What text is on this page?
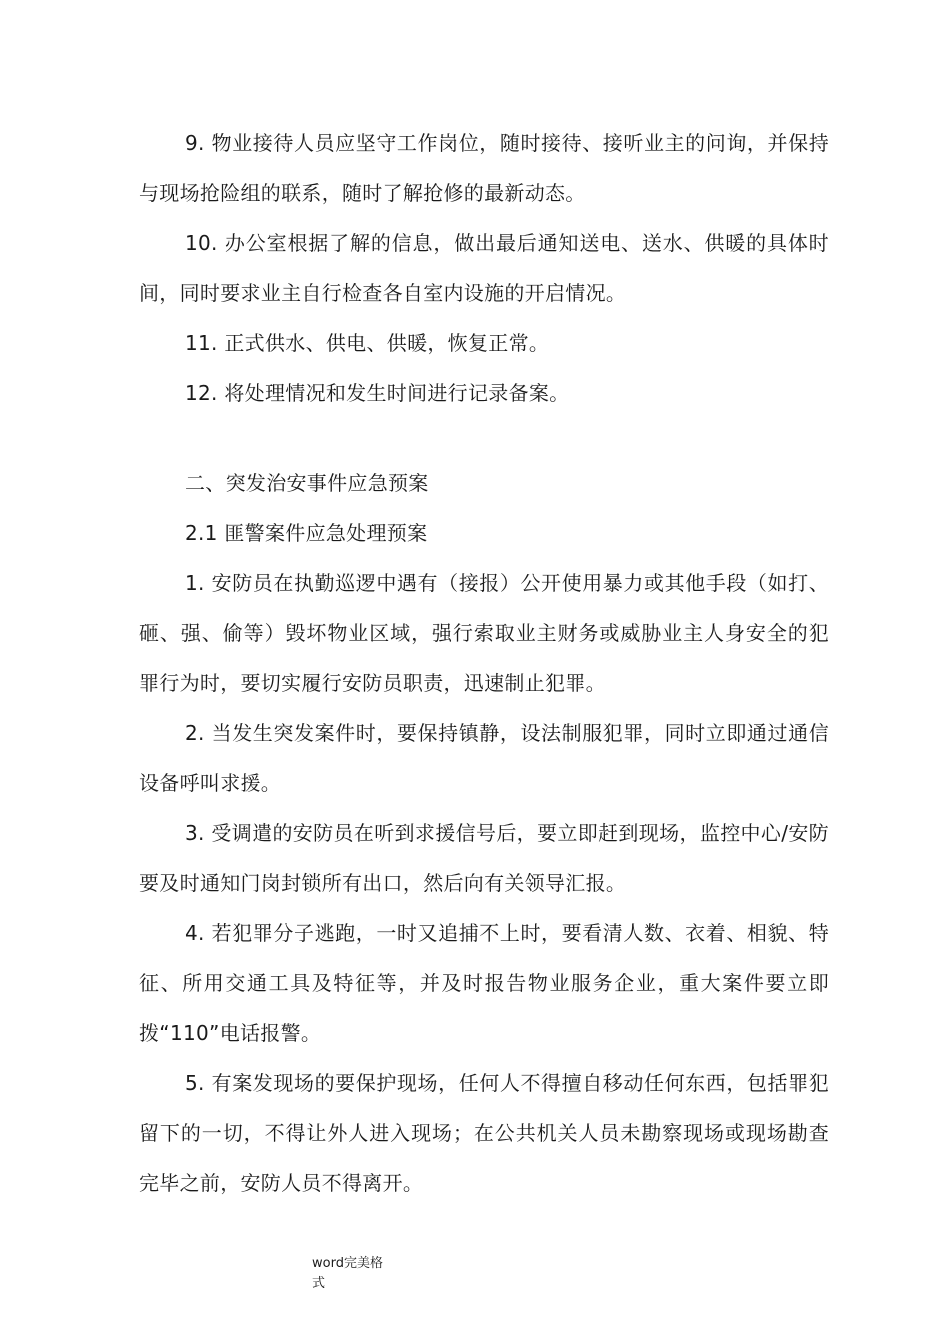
9. 物业接待人员应坚守工作岗位，随时接待、接听业主的问询，并保持与现场抢险组的联系，随时了解抢修的最新动态。

10. 办公室根据了解的信息，做出最后通知送电、送水、供暖的具体时间，同时要求业主自行检查各自室内设施的开启情况。

11. 正式供水、供电、供暖，恢复正常。

12. 将处理情况和发生时间进行记录备案。

二、突发治安事件应急预案

2.1 匪警案件应急处理预案

1. 安防员在执勤巡逻中遇有（接报）公开使用暴力或其他手段（如打、砸、强、偷等）毁坏物业区域，强行索取业主财务或威胁业主人身安全的犯罪行为时，要切实履行安防员职责，迅速制止犯罪。

2. 当发生突发案件时，要保持镇静，设法制服犯罪，同时立即通过通信设备呼叫求援。

3. 受调遣的安防员在听到求援信号后，要立即赶到现场，监控中心/安防要及时通知门岗封锁所有出口，然后向有关领导汇报。

4. 若犯罪分子逃跑，一时又追捕不上时，要看清人数、衣着、相貌、特征、所用交通工具及特征等，并及时报告物业服务企业，重大案件要立即拨“110”电话报警。

5. 有案发现场的要保护现场，任何人不得擅自移动任何东西，包括罪犯留下的一切，不得让外人进入现场；在公共机关人员未勘察现场或现场勘查完毕之前，安防人员不得离开。

word完美格式
